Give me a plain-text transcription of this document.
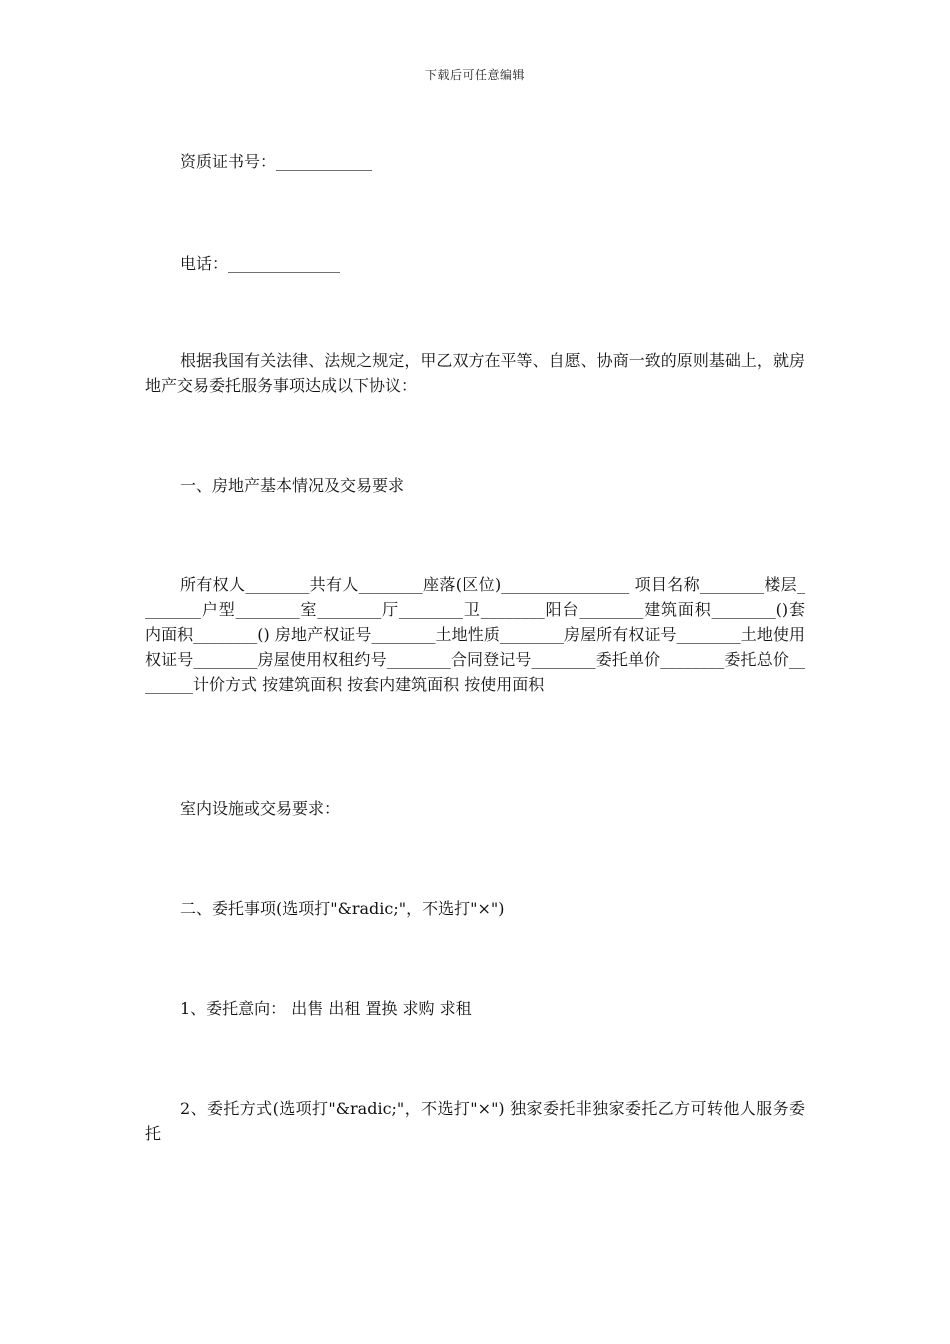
下载后可任意编辑
资质证书号：____________
电话：______________
根据我国有关法律、法规之规定，甲乙双方在平等、自愿、协商一致的原则基础上，就房地产交易委托服务事项达成以下协议：
一、房地产基本情况及交易要求
所有权人________共有人________座落(区位)________________ 项目名称________楼层________户型________室________厅________卫________阳台________建筑面积________()套内面积________() 房地产权证号________土地性质________房屋所有权证号________土地使用权证号________房屋使用权租约号________合同登记号________委托单价________委托总价________计价方式 按建筑面积 按套内建筑面积 按使用面积
室内设施或交易要求：
二、委托事项(选项打"&radic;"，不选打"×")
1、委托意向： 出售 出租 置换 求购 求租
2、委托方式(选项打"&radic;"，不选打"×") 独家委托非独家委托乙方可转他人服务委托
